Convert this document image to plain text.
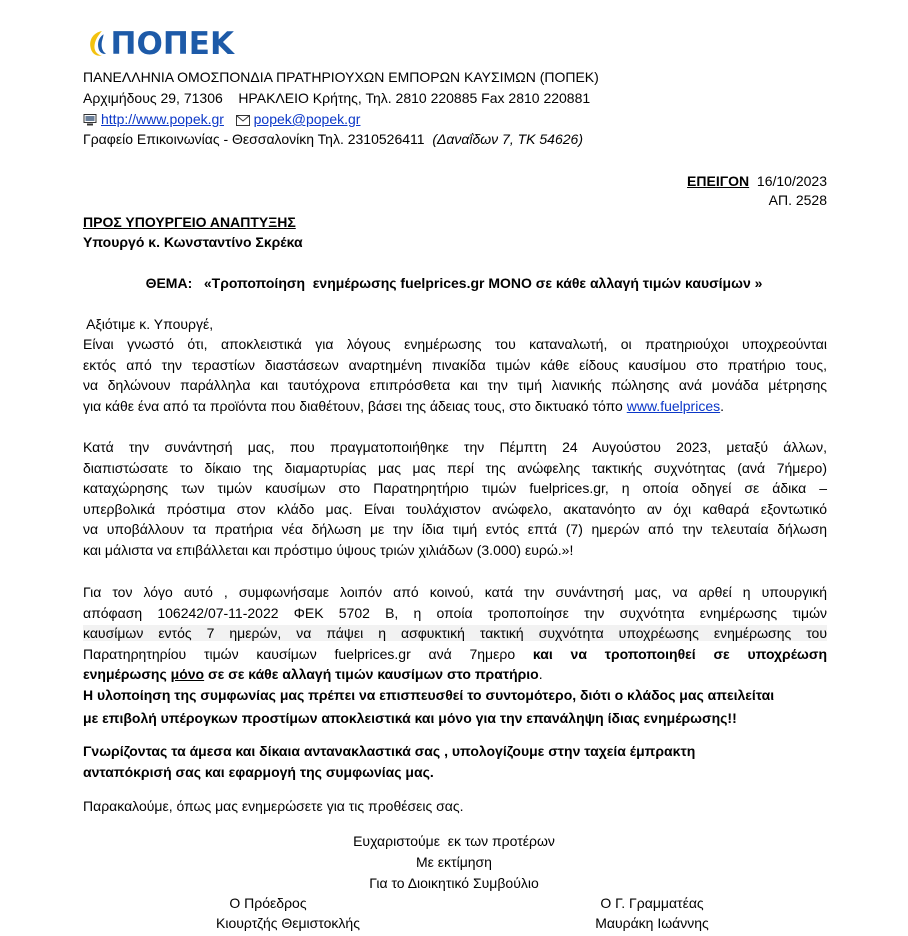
ΠΟΠΕΚ
ΠΑΝΕΛΛΗΝΙΑ ΟΜΟΣΠΟΝΔΙΑ ΠΡΑΤΗΡΙΟΥΧΩΝ ΕΜΠΟΡΩΝ ΚΑΥΣΙΜΩΝ (ΠΟΠΕΚ)
Αρχιμήδους 29, 71306    ΗΡΑΚΛΕΙΟ Κρήτης, Τηλ. 2810 220885 Fax 2810 220881
http://www.popek.gr popek@popek.gr
Γραφείο Επικοινωνίας - Θεσσαλονίκη Τηλ. 2310526411 (Δαναΐδων 7, ΤΚ 54626)
ΕΠΕΙΓΟΝ 16/10/2023
ΑΠ. 2528
ΠΡΟΣ ΥΠΟΥΡΓΕΙΟ ΑΝΑΠΤΥΞΗΣ
Υπουργό κ. Κωνσταντίνο Σκρέκα
ΘΕΜΑ:   «Τροποποίηση  ενημέρωσης fuelprices.gr ΜΟΝΟ σε κάθε αλλαγή τιμών καυσίμων »
Αξιότιμε κ. Υπουργέ,
Είναι γνωστό ότι, αποκλειστικά για λόγους ενημέρωσης του καταναλωτή, οι πρατηριούχοι υποχρεούνται
εκτός από την τεραστίων διαστάσεων αναρτημένη πινακίδα τιμών κάθε είδους καυσίμου στο πρατήριο τους,
να δηλώνουν παράλληλα και ταυτόχρονα επιπρόσθετα και την τιμή λιανικής πώλησης ανά μονάδα μέτρησης
για κάθε ένα από τα προϊόντα που διαθέτουν, βάσει της άδειας τους, στο δικτυακό τόπο www.fuelprices.
Κατά την συνάντησή μας, που πραγματοποιήθηκε την Πέμπτη 24 Αυγούστου 2023, μεταξύ άλλων,
διαπιστώσατε το δίκαιο της διαμαρτυρίας μας μας περί της ανώφελης τακτικής συχνότητας (ανά 7ήμερο)
καταχώρησης των τιμών καυσίμων στο Παρατηρητήριο τιμών fuelprices.gr, η οποία οδηγεί σε άδικα –
υπερβολικά πρόστιμα στον κλάδο μας. Είναι τουλάχιστον ανώφελο, ακατανόητο αν όχι καθαρά εξοντωτικό
να υποβάλλουν τα πρατήρια νέα δήλωση με την ίδια τιμή εντός επτά (7) ημερών από την τελευταία δήλωση
και μάλιστα να επιβάλλεται και πρόστιμο ύψους τριών χιλιάδων (3.000) ευρώ.»!
Για τον λόγο αυτό , συμφωνήσαμε λοιπόν από κοινού, κατά την συνάντησή μας, να αρθεί η υπουργική
απόφαση 106242/07-11-2022 ΦΕΚ 5702 Β, η οποία τροποποίησε την συχνότητα ενημέρωσης τιμών
καυσίμων εντός 7 ημερών, να πάψει η ασφυκτική τακτική συχνότητα υποχρέωσης ενημέρωσης του
Παρατηρητηρίου τιμών καυσίμων fuelprices.gr ανά 7ημερο και να τροποποιηθεί σε υποχρέωση
ενημέρωσης μόνο σε σε κάθε αλλαγή τιμών καυσίμων στο πρατήριο.
Η υλοποίηση της συμφωνίας μας πρέπει να επισπευσθεί το συντομότερο, διότι ο κλάδος μας απειλείται
με επιβολή υπέρογκων προστίμων αποκλειστικά και μόνο για την επανάληψη ίδιας ενημέρωσης!!
Γνωρίζοντας τα άμεσα και δίκαια αντανακλαστικά σας , υπολογίζουμε στην ταχεία έμπρακτη
ανταπόκρισή σας και εφαρμογή της συμφωνίας μας.
Παρακαλούμε, όπως μας ενημερώσετε για τις προθέσεις σας.
Ευχαριστούμε  εκ των προτέρων
Με εκτίμηση
Για το Διοικητικό Συμβούλιο
Ο Πρόεδρος
Κιουρτζής Θεμιστοκλής
Ο Γ. Γραμματέας
Μαυράκη Ιωάννης
